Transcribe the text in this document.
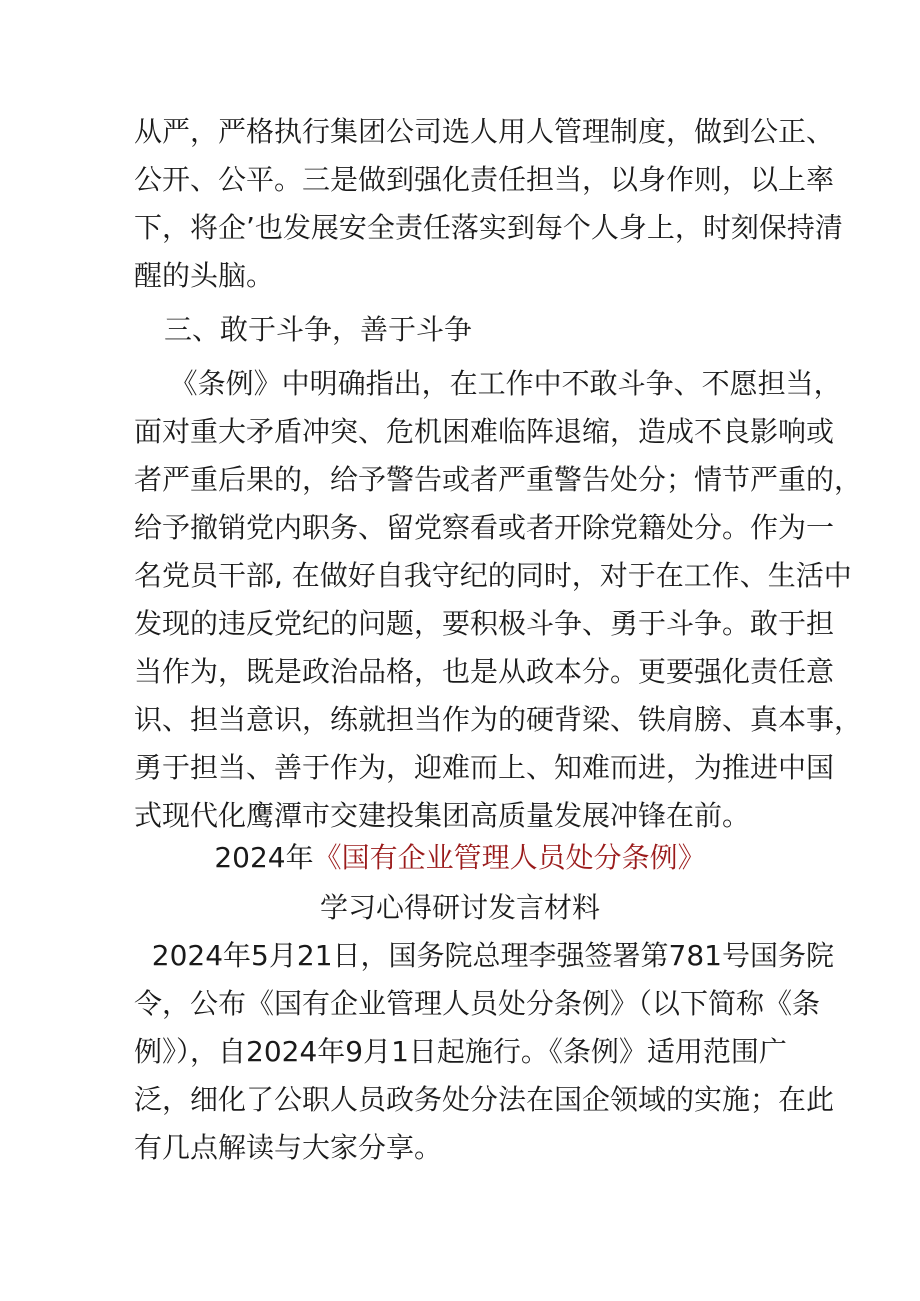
从严，严格执行集团公司选人用人管理制度，做到公正、
公开、公平。三是做到强化责任担当，以身作则，以上率
下，将企’也发展安全责任落实到每个人身上，时刻保持清
醒的头脑。
三、敢于斗争，善于斗争
《条例》中明确指出，在工作中不敢斗争、不愿担当，
面对重大矛盾冲突、危机困难临阵退缩，造成不良影响或
者严重后果的，给予警告或者严重警告处分；情节严重的，
给予撤销党内职务、留党察看或者开除党籍处分。作为一
名党员干部, 在做好自我守纪的同时，对于在工作、生活中
发现的违反党纪的问题，要积极斗争、勇于斗争。敢于担
当作为，既是政治品格，也是从政本分。更要强化责任意
识、担当意识，练就担当作为的硬背梁、铁肩膀、真本事，
勇于担当、善于作为，迎难而上、知难而进，为推进中国
式现代化鹰潭市交建投集团高质量发展冲锋在前。
2024年《国有企业管理人员处分条例》
学习心得研讨发言材料
2024年5月21日，国务院总理李强签署第781号国务院
令，公布《国有企业管理人员处分条例》（以下简称《条
例》），自2024年9月1日起施行。《条例》适用范围广
泛，细化了公职人员政务处分法在国企领域的实施；在此
有几点解读与大家分享。
